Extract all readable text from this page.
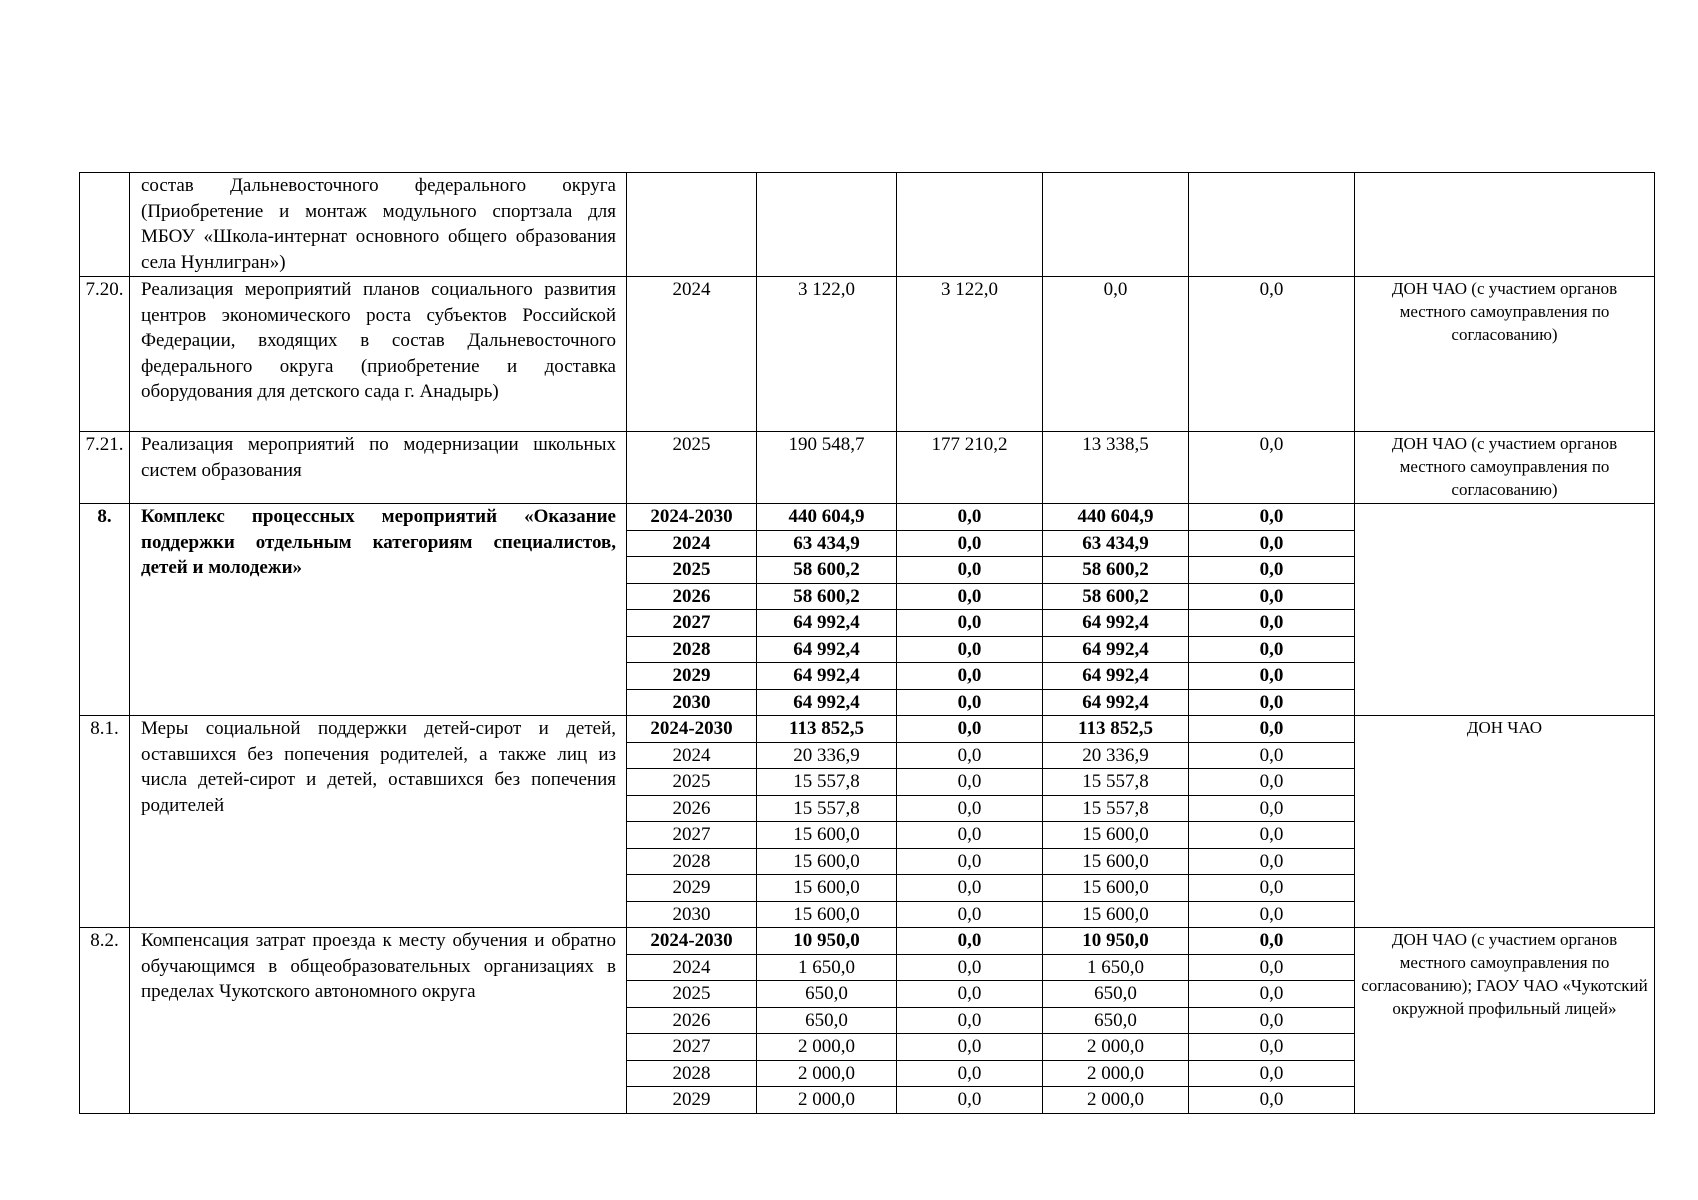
	состав Дальневосточного федерального округа (Приобретение и монтаж модульного спортзала для МБОУ «Школа-интернат основного общего образования села Нунлигран»)						
7.20.	Реализация мероприятий планов социального развития центров экономического роста субъектов Российской Федерации, входящих в состав Дальневосточного федерального округа (приобретение и доставка оборудования для детского сада г. Анадырь)	2024	3 122,0	3 122,0	0,0	0,0	ДОН ЧАО (с участием органов местного самоуправления по согласованию)
7.21.	Реализация мероприятий по модернизации школьных систем образования	2025	190 548,7	177 210,2	13 338,5	0,0	ДОН ЧАО (с участием органов местного самоуправления по согласованию)
8.	Комплекс процессных мероприятий «Оказание поддержки отдельным категориям специалистов, детей и молодежи»	2024-2030	440 604,9	0,0	440 604,9	0,0	
		2024	63 434,9	0,0	63 434,9	0,0	
		2025	58 600,2	0,0	58 600,2	0,0	
		2026	58 600,2	0,0	58 600,2	0,0	
		2027	64 992,4	0,0	64 992,4	0,0	
		2028	64 992,4	0,0	64 992,4	0,0	
		2029	64 992,4	0,0	64 992,4	0,0	
		2030	64 992,4	0,0	64 992,4	0,0	
8.1.	Меры социальной поддержки детей-сирот и детей, оставшихся без попечения родителей, а также лиц из числа детей-сирот и детей, оставшихся без попечения родителей	2024-2030	113 852,5	0,0	113 852,5	0,0	ДОН ЧАО
		2024	20 336,9	0,0	20 336,9	0,0	
		2025	15 557,8	0,0	15 557,8	0,0	
		2026	15 557,8	0,0	15 557,8	0,0	
		2027	15 600,0	0,0	15 600,0	0,0	
		2028	15 600,0	0,0	15 600,0	0,0	
		2029	15 600,0	0,0	15 600,0	0,0	
		2030	15 600,0	0,0	15 600,0	0,0	
8.2.	Компенсация затрат проезда к месту обучения и обратно обучающимся в общеобразовательных организациях в пределах Чукотского автономного округа	2024-2030	10 950,0	0,0	10 950,0	0,0	ДОН ЧАО (с участием органов местного самоуправления по согласованию); ГАОУ ЧАО «Чукотский окружной профильный лицей»
		2024	1 650,0	0,0	1 650,0	0,0	
		2025	650,0	0,0	650,0	0,0	
		2026	650,0	0,0	650,0	0,0	
		2027	2 000,0	0,0	2 000,0	0,0	
		2028	2 000,0	0,0	2 000,0	0,0	
		2029	2 000,0	0,0	2 000,0	0,0	
